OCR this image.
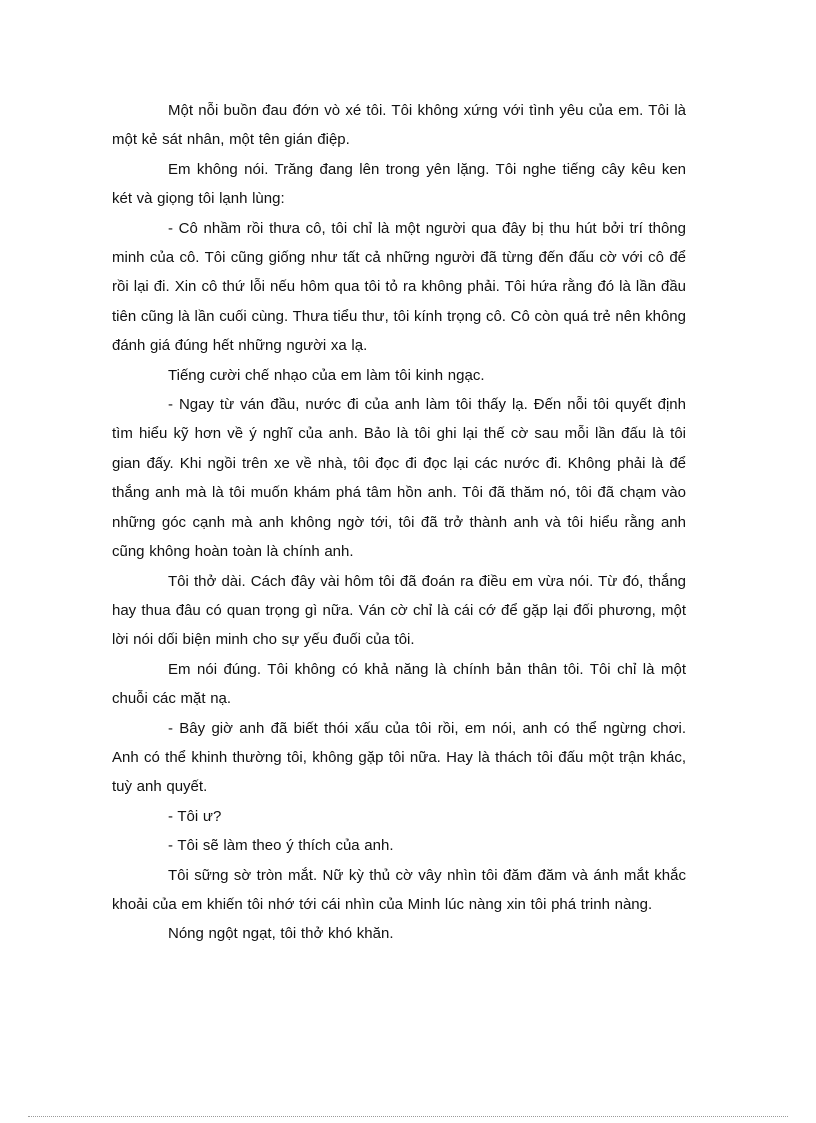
Một nỗi buồn đau đớn vò xé tôi. Tôi không xứng với tình yêu của em. Tôi là một kẻ sát nhân, một tên gián điệp.

Em không nói. Trăng đang lên trong yên lặng. Tôi nghe tiếng cây kêu ken két và giọng tôi lạnh lùng:

- Cô nhầm rồi thưa cô, tôi chỉ là một người qua đây bị thu hút bởi trí thông minh của cô. Tôi cũng giống như tất cả những người đã từng đến đấu cờ với cô để rồi lại đi. Xin cô thứ lỗi nếu hôm qua tôi tỏ ra không phải. Tôi hứa rằng đó là lần đầu tiên cũng là lần cuối cùng. Thưa tiểu thư, tôi kính trọng cô. Cô còn quá trẻ nên không đánh giá đúng hết những người xa lạ.

Tiếng cười chế nhạo của em làm tôi kinh ngạc.

- Ngay từ ván đầu, nước đi của anh làm tôi thấy lạ. Đến nỗi tôi quyết định tìm hiểu kỹ hơn về ý nghĩ của anh. Bảo là tôi ghi lại thế cờ sau mỗi lần đấu là tôi gian đấy. Khi ngồi trên xe về nhà, tôi đọc đi đọc lại các nước đi. Không phải là để thắng anh mà là tôi muốn khám phá tâm hồn anh. Tôi đã thăm nó, tôi đã chạm vào những góc cạnh mà anh không ngờ tới, tôi đã trở thành anh và tôi hiểu rằng anh cũng không hoàn toàn là chính anh.

Tôi thở dài. Cách đây vài hôm tôi đã đoán ra điều em vừa nói. Từ đó, thắng hay thua đâu có quan trọng gì nữa. Ván cờ chỉ là cái cớ để gặp lại đối phương, một lời nói dối biện minh cho sự yếu đuối của tôi.

Em nói đúng. Tôi không có khả năng là chính bản thân tôi. Tôi chỉ là một chuỗi các mặt nạ.

- Bây giờ anh đã biết thói xấu của tôi rồi, em nói, anh có thể ngừng chơi. Anh có thể khinh thường tôi, không gặp tôi nữa. Hay là thách tôi đấu một trận khác, tuỳ anh quyết.

- Tôi ư?

- Tôi sẽ làm theo ý thích của anh.

Tôi sững sờ tròn mắt. Nữ kỳ thủ cờ vây nhìn tôi đăm đăm và ánh mắt khắc khoải của em khiến tôi nhớ tới cái nhìn của Minh lúc nàng xin tôi phá trinh nàng.

Nóng ngột ngạt, tôi thở khó khăn.
